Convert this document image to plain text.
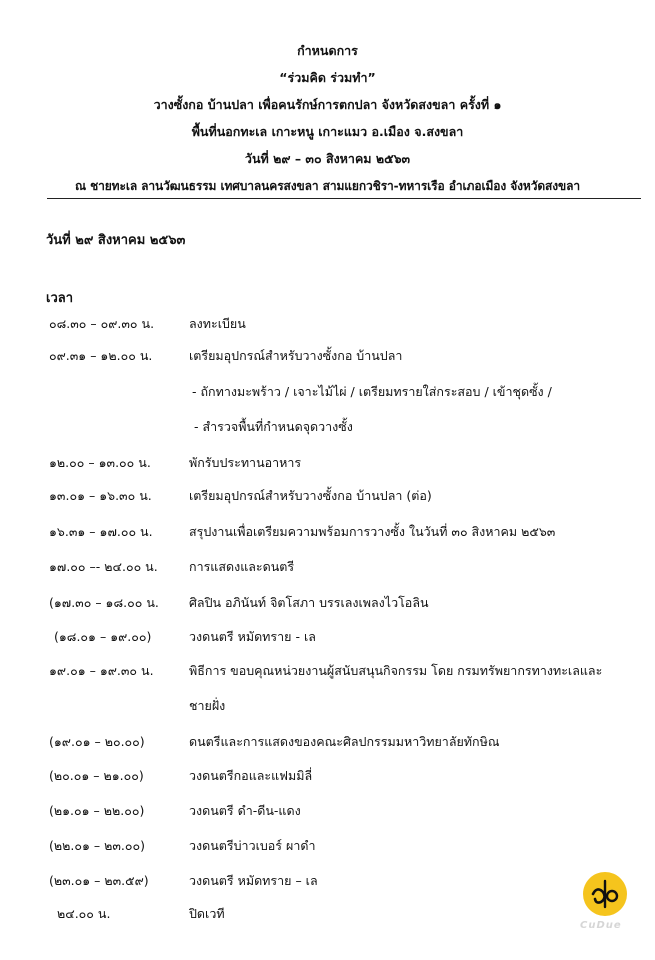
กำหนดการ
“ร่วมคิด ร่วมทำ”
วางซั้งกอ บ้านปลา เพื่อคนรักษ์การตกปลา จังหวัดสงขลา ครั้งที่ ๑
พื้นที่นอกทะเล เกาะหนู เกาะแมว อ.เมือง จ.สงขลา
วันที่ ๒๙ – ๓๐ สิงหาคม ๒๕๖๓
ณ ชายทะเล ลานวัฒนธรรม เทศบาลนครสงขลา สามแยกวชิรา-ทหารเรือ อำเภอเมือง จังหวัดสงขลา
วันที่ ๒๙ สิงหาคม ๒๕๖๓
เวลา
๐๘.๓๐ – ๐๙.๓๐ น.	ลงทะเบียน
๐๙.๓๑ – ๑๒.๐๐ น.	เตรียมอุปกรณ์สำหรับวางซั้งกอ บ้านปลา
- ถักทางมะพร้าว / เจาะไม้ไผ่ / เตรียมทรายใส่กระสอบ / เข้าชุดซั้ง /
- สำรวจพื้นที่กำหนดจุดวางซั้ง
๑๒.๐๐ – ๑๓.๐๐ น.	พักรับประทานอาหาร
๑๓.๐๑ – ๑๖.๓๐ น.	เตรียมอุปกรณ์สำหรับวางซั้งกอ บ้านปลา (ต่อ)
๑๖.๓๑ – ๑๗.๐๐ น.	สรุปงานเพื่อเตรียมความพร้อมการวางซั้ง ในวันที่ ๓๐ สิงหาคม ๒๕๖๓
๑๗.๐๐ –- ๒๔.๐๐ น.	การแสดงและดนตรี
(๑๗.๓๐ – ๑๘.๐๐ น. ศิลปิน อภินันท์ จิตโสภา บรรเลงเพลงไวโอลิน
(๑๘.๐๑ – ๑๙.๐๐)	วงดนตรี หมัดทราย - เล
๑๙.๐๑ – ๑๙.๓๐ น.	พิธีการ ขอบคุณหน่วยงานผู้สนับสนุนกิจกรรม โดย กรมทรัพยากรทางทะเลและ
ชายฝั่ง
(๑๙.๐๑ – ๒๐.๐๐)	ดนตรีและการแสดงของคณะศิลปกรรมมหาวิทยาลัยทักษิณ
(๒๐.๐๑ – ๒๑.๐๐)	วงดนตรีกอและแฟมมิลี่
(๒๑.๐๑ – ๒๒.๐๐)	วงดนตรี ดำ-ดีน-แดง
(๒๒.๐๑ – ๒๓.๐๐)	วงดนตรีบ่าวเบอร์ ผาดำ
(๒๓.๐๑ – ๒๓.๕๙)	วงดนตรี หมัดทราย – เล
๒๔.๐๐ น.	ปิดเวที
CuDue
